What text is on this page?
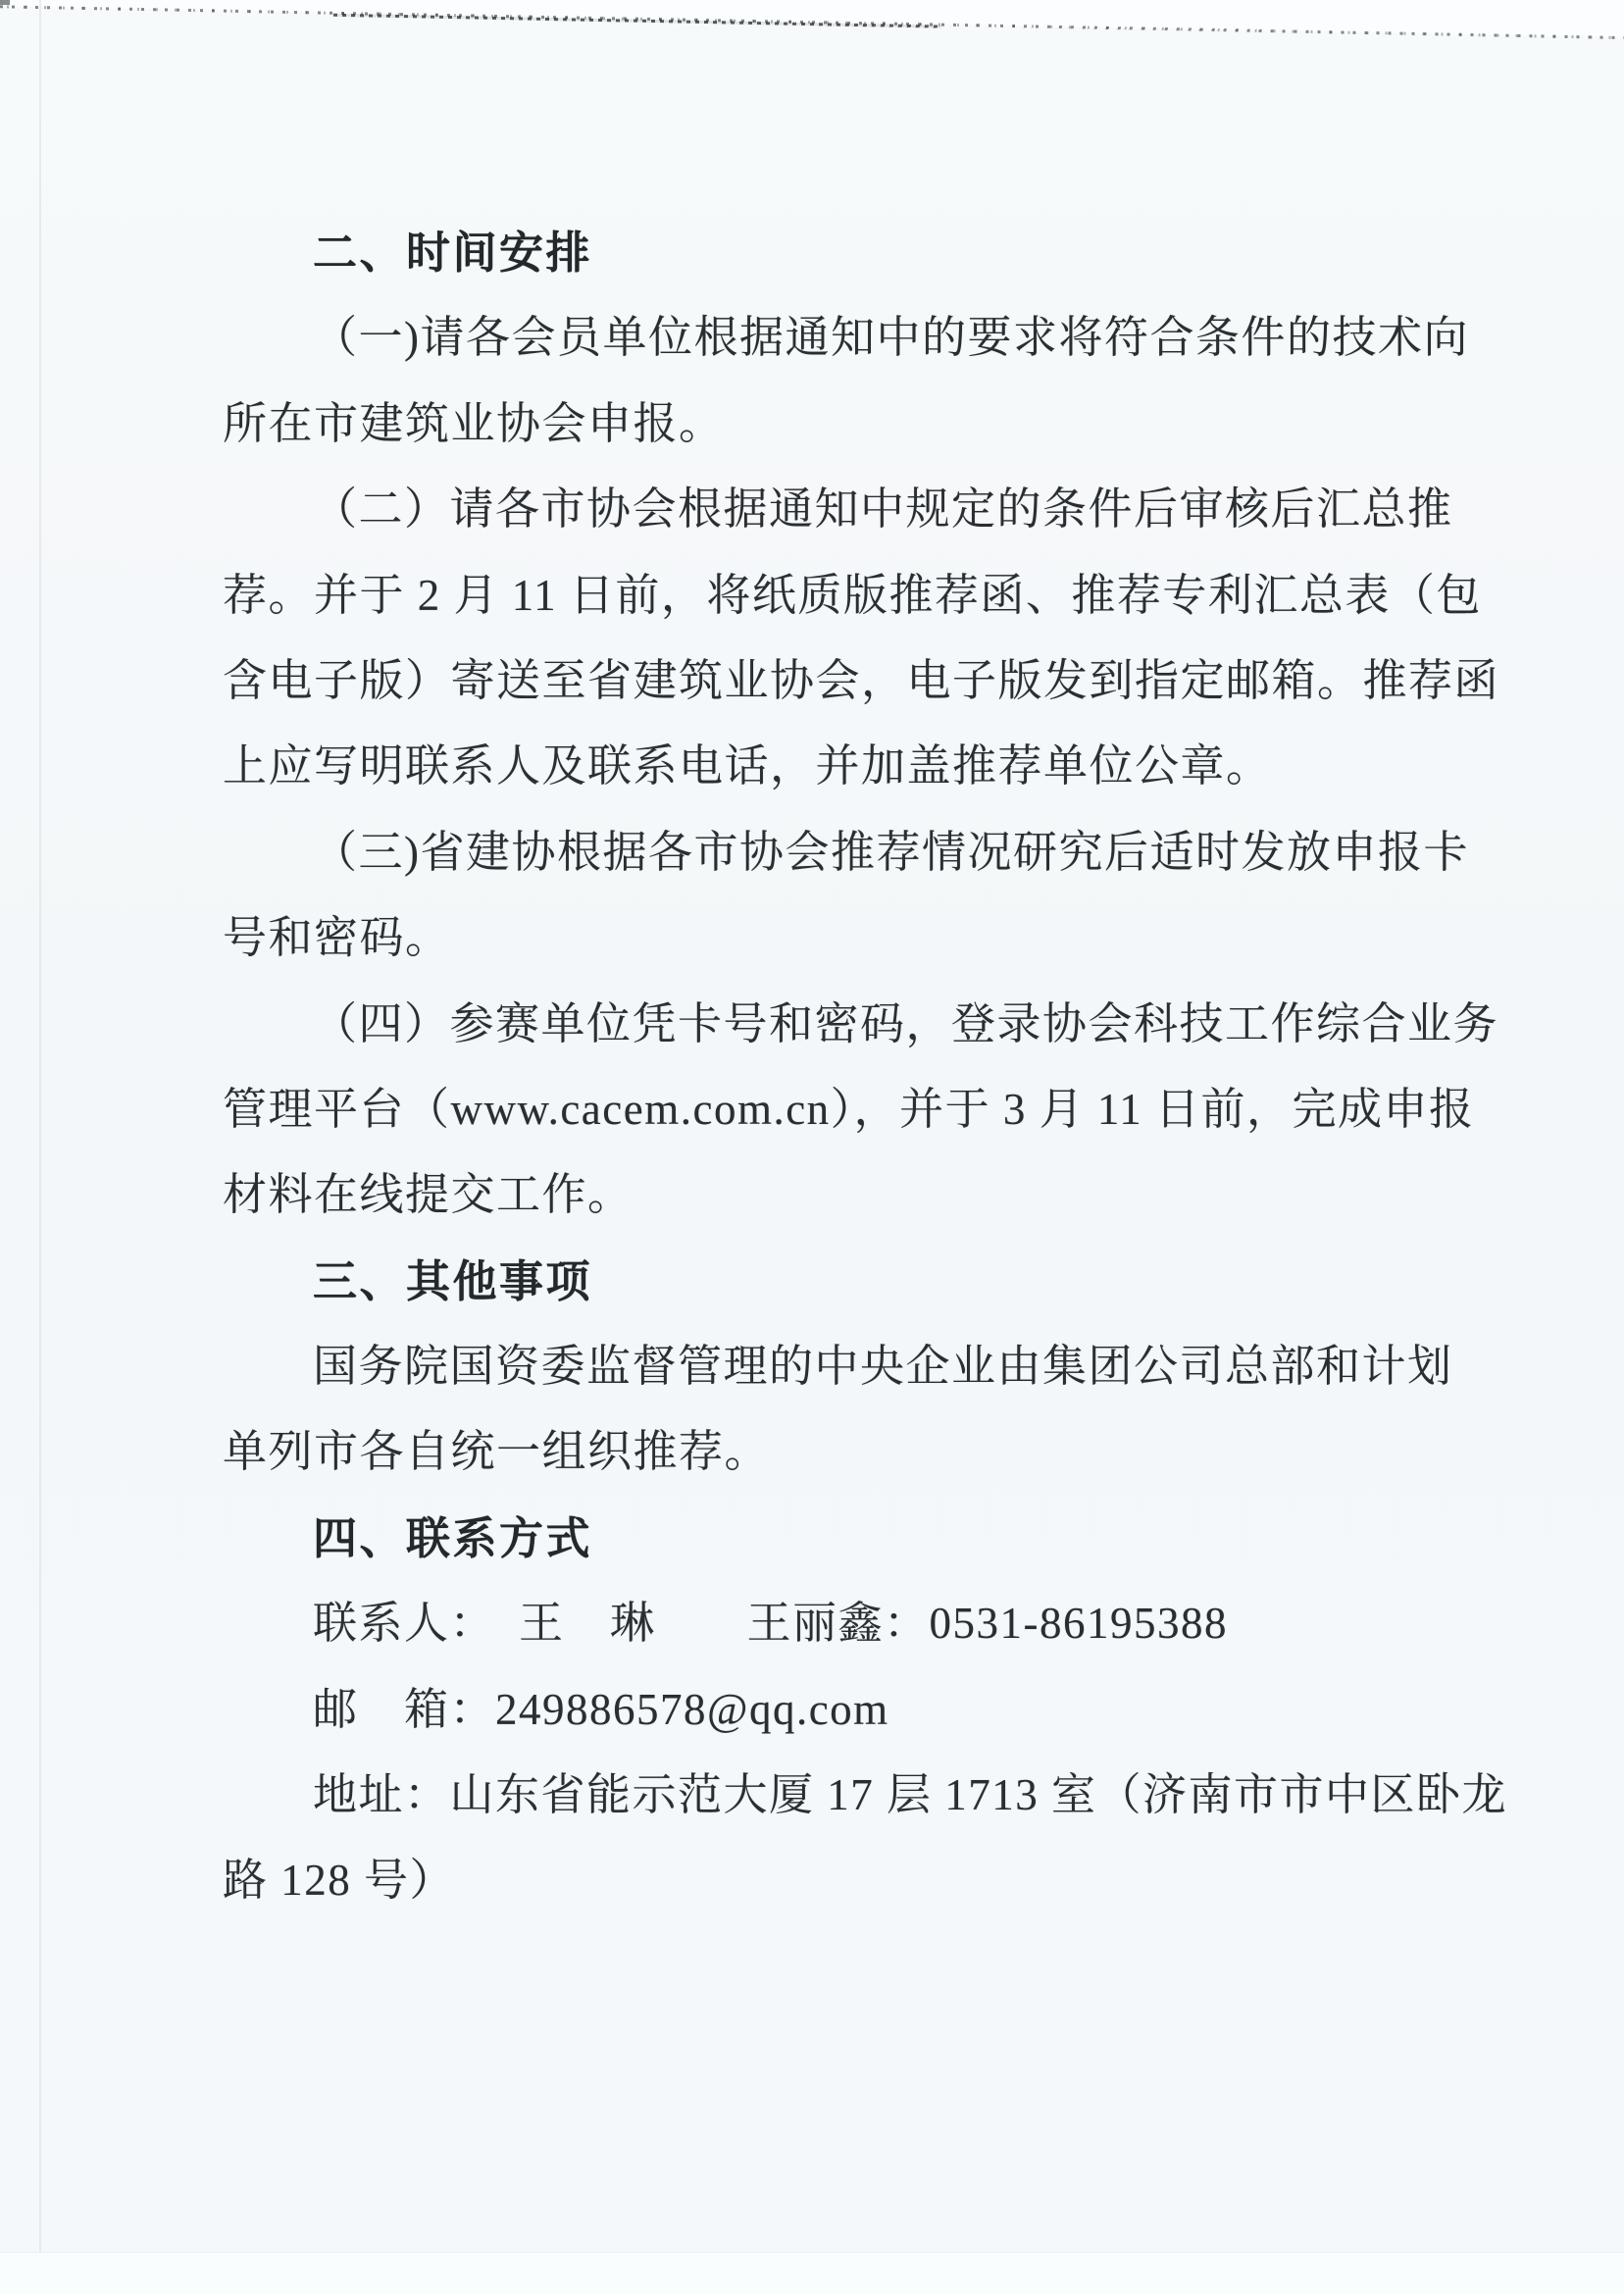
二、时间安排
（一)请各会员单位根据通知中的要求将符合条件的技术向
所在市建筑业协会申报。
（二）请各市协会根据通知中规定的条件后审核后汇总推
荐。并于 2 月 11 日前，将纸质版推荐函、推荐专利汇总表（包
含电子版）寄送至省建筑业协会，电子版发到指定邮箱。推荐函
上应写明联系人及联系电话，并加盖推荐单位公章。
（三)省建协根据各市协会推荐情况研究后适时发放申报卡
号和密码。
（四）参赛单位凭卡号和密码，登录协会科技工作综合业务
管理平台（www.cacem.com.cn），并于 3 月 11 日前，完成申报
材料在线提交工作。
三、其他事项
国务院国资委监督管理的中央企业由集团公司总部和计划
单列市各自统一组织推荐。
四、联系方式
联系人：　王　琳　　王丽鑫：0531-86195388
邮　箱：249886578@qq.com
地址：山东省能示范大厦 17 层 1713 室（济南市市中区卧龙
路 128 号）
